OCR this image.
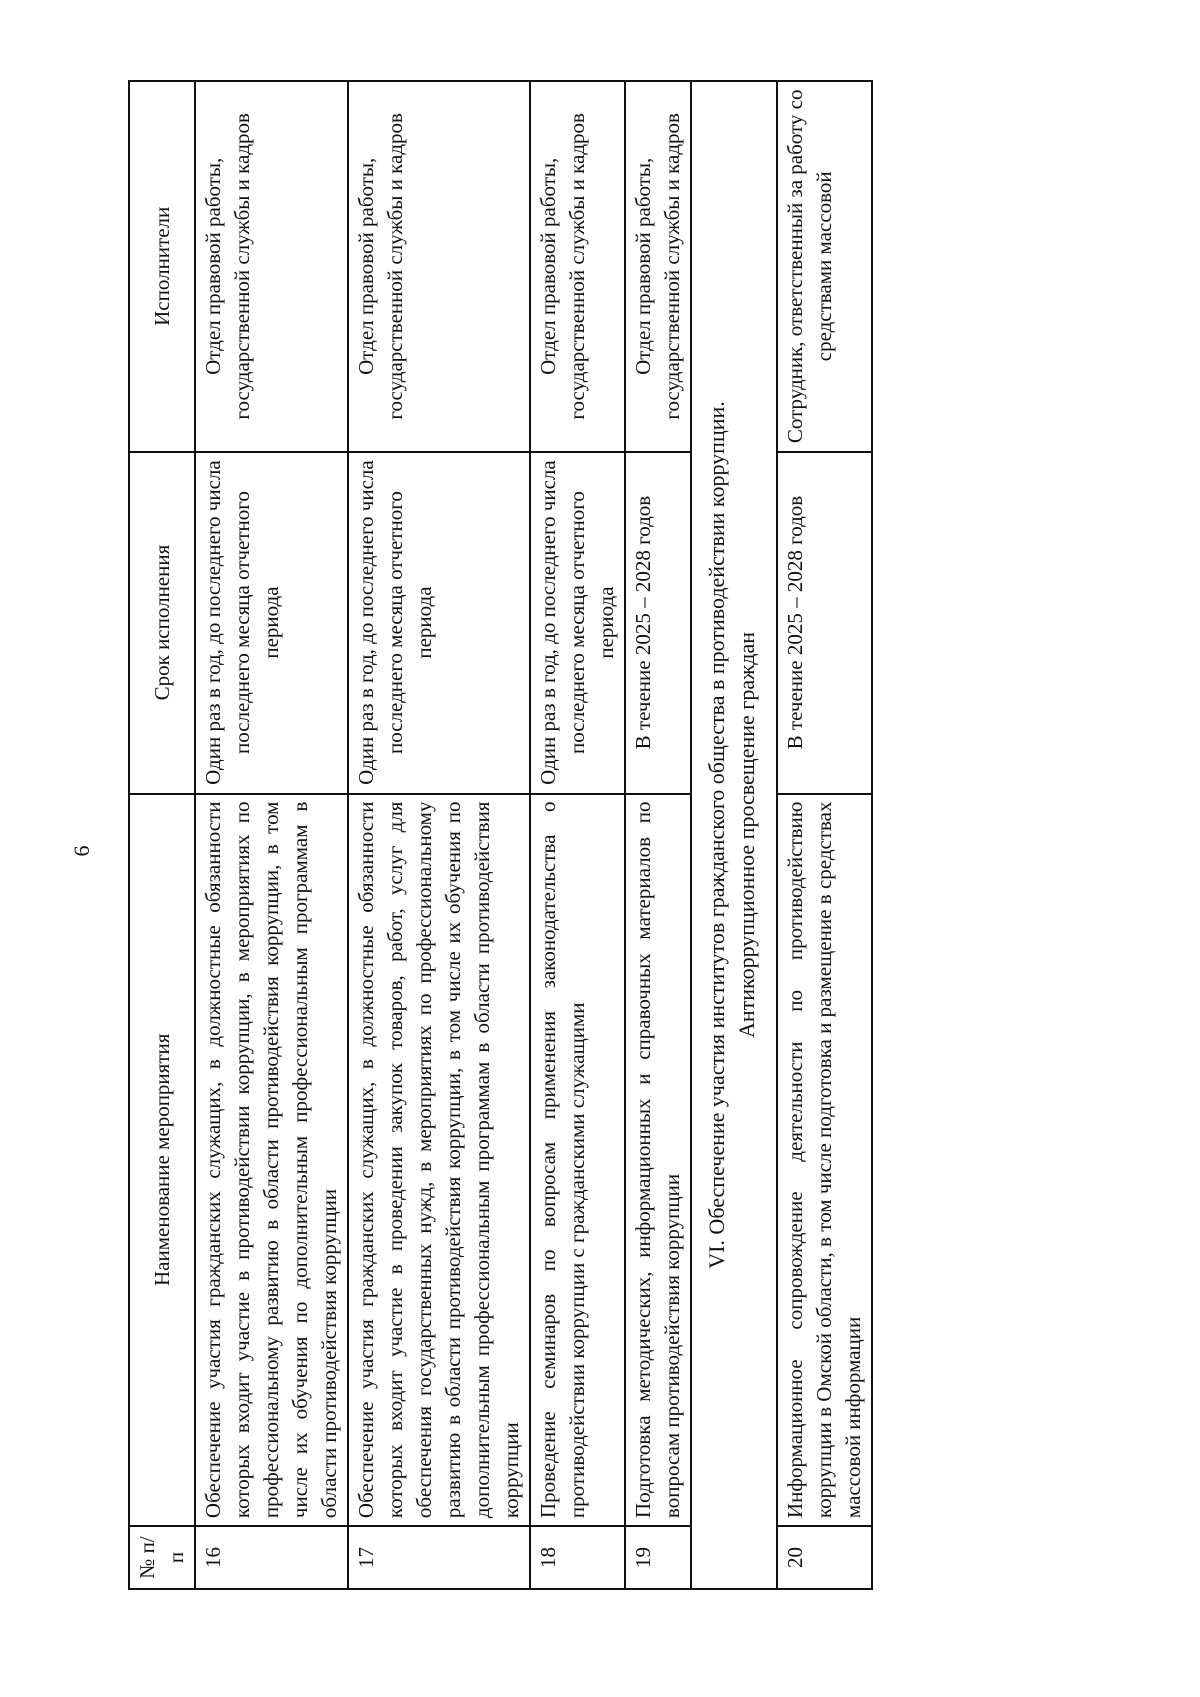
6
№ п/п	Наименование мероприятия	Срок исполнения	Исполнители
16	Обеспечение участия гражданских служащих, в должностные обязанности которых входит участие в противодействии коррупции, в мероприятиях по профессиональному развитию в области противодействия коррупции, в том числе их обучения по дополнительным профессиональным программам в области противодействия коррупции	Один раз в год, до последнего числа последнего месяца отчетного периода	Отдел правовой работы, государственной службы и кадров
17	Обеспечение участия гражданских служащих, в должностные обязанности которых входит участие в проведении закупок товаров, работ, услуг для обеспечения государственных нужд, в мероприятиях по профессиональному развитию в области противодействия коррупции, в том числе их обучения по дополнительным профессиональным программам в области противодействия коррупции	Один раз в год, до последнего числа последнего месяца отчетного периода	Отдел правовой работы, государственной службы и кадров
18	Проведение семинаров по вопросам применения законодательства о противодействии коррупции с гражданскими служащими	Один раз в год, до последнего числа последнего месяца отчетного периода	Отдел правовой работы, государственной службы и кадров
19	Подготовка методических, информационных и справочных материалов по вопросам противодействия коррупции	В течение 2025 – 2028 годов	Отдел правовой работы, государственной службы и кадров

VI. Обеспечение участия институтов гражданского общества в противодействии коррупции. Антикоррупционное просвещение граждан			

20	Информационное сопровождение деятельности по противодействию коррупции в Омской области, в том числе подготовка и размещение в средствах массовой информации	В течение 2025 – 2028 годов	Сотрудник, ответственный за работу со средствами массовой
